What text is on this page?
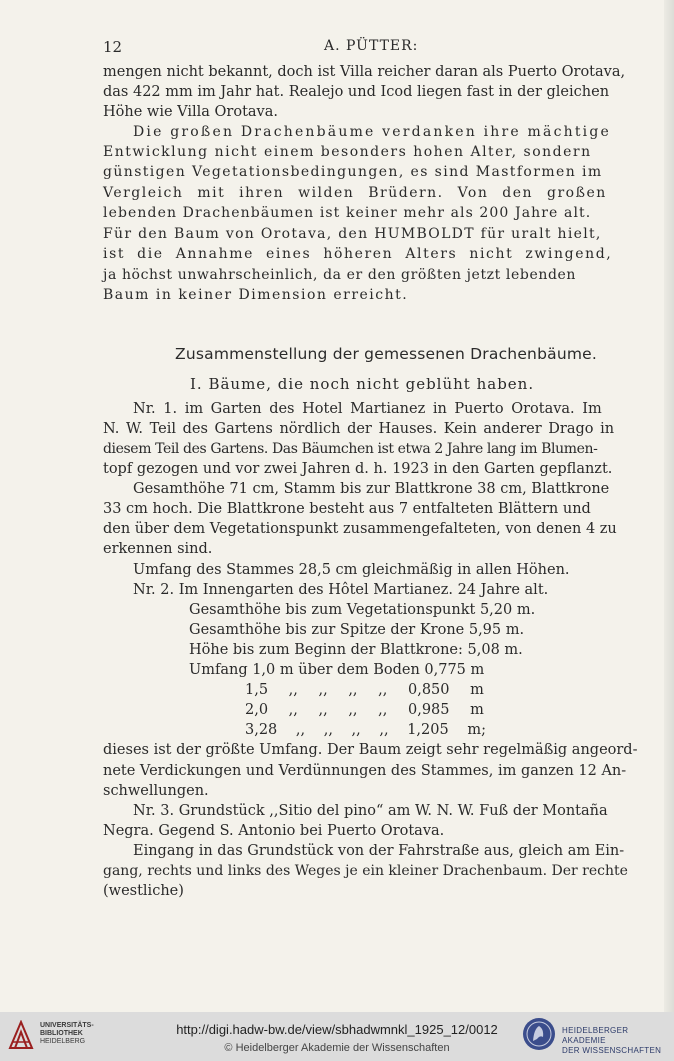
12	A. PÜTTER:
mengen nicht bekannt, doch ist Villa reicher daran als Puerto Orotava,
das 422 mm im Jahr hat. Realejo und Icod liegen fast in der gleichen
Höhe wie Villa Orotava.
Die großen Drachenbäume verdanken ihre mächtige
Entwicklung nicht einem besonders hohen Alter, sondern
günstigen Vegetationsbedingungen, es sind Mastformen im
Vergleich mit ihren wilden Brüdern. Von den großen
lebenden Drachenbäumen ist keiner mehr als 200 Jahre alt.
Für den Baum von Orotava, den HUMBOLDT für uralt hielt,
ist die Annahme eines höheren Alters nicht zwingend,
ja höchst unwahrscheinlich, da er den größten jetzt lebenden
Baum in keiner Dimension erreicht.
Zusammenstellung der gemessenen Drachenbäume.
I. Bäume, die noch nicht geblüht haben.
Nr. 1. im Garten des Hotel Martianez in Puerto Orotava. Im
N. W. Teil des Gartens nördlich der Hauses. Kein anderer Drago in
diesem Teil des Gartens. Das Bäumchen ist etwa 2 Jahre lang im Blumen-
topf gezogen und vor zwei Jahren d. h. 1923 in den Garten gepflanzt.
Gesamthöhe 71 cm, Stamm bis zur Blattkrone 38 cm, Blattkrone
33 cm hoch. Die Blattkrone besteht aus 7 entfalteten Blättern und
den über dem Vegetationspunkt zusammengefalteten, von denen 4 zu
erkennen sind.
Umfang des Stammes 28,5 cm gleichmäßig in allen Höhen.
Nr. 2. Im Innengarten des Hôtel Martianez. 24 Jahre alt.
Gesamthöhe bis zum Vegetationspunkt 5,20 m.
Gesamthöhe bis zur Spitze der Krone 5,95 m.
Höhe bis zum Beginn der Blattkrone: 5,08 m.
Umfang 1,0 m über dem Boden 0,775 m
1,5 ,, ,, ,, ,, 0,850 m
2,0 ,, ,, ,, ,, 0,985 m
3,28 ,, ,, ,, ,, 1,205 m;
dieses ist der größte Umfang. Der Baum zeigt sehr regelmäßig angeord-
nete Verdickungen und Verdünnungen des Stammes, im ganzen 12 An-
schwellungen.
Nr. 3. Grundstück ,,Sitio del pino“ am W. N. W. Fuß der Montaña
Negra. Gegend S. Antonio bei Puerto Orotava.
Eingang in das Grundstück von der Fahrstraße aus, gleich am Ein-
gang, rechts und links des Weges je ein kleiner Drachenbaum. Der rechte
(westliche)
UNIVERSITÄTS-
BIBLIOTHEK
HEIDELBERG
http://digi.hadw-bw.de/view/sbhadwmnkl_1925_12/0012
© Heidelberger Akademie der Wissenschaften
HEIDELBERGER AKADEMIE
DER WISSENSCHAFTEN
